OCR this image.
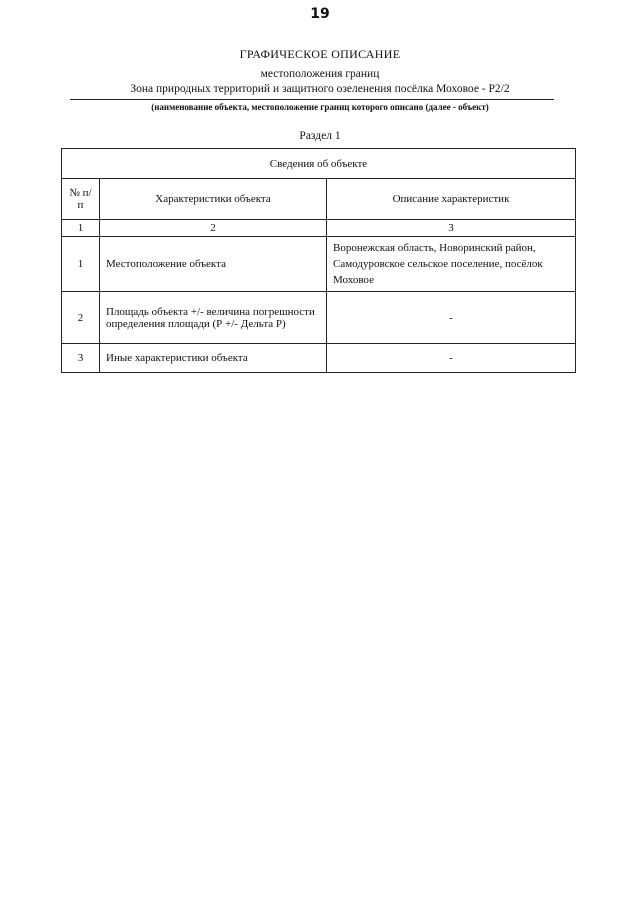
19
ГРАФИЧЕСКОЕ ОПИСАНИЕ
местоположения границ
Зона природных территорий и защитного озеленения посёлка Моховое - Р2/2
(наименование объекта, местоположение границ которого описано (далее - объект)
Раздел 1
Сведения об объекте		
№ п/п	Характеристики объекта	Описание характеристик
1	2	3
1	Местоположение объекта	Воронежская область, Новоринский район, Самодуровское сельское поселение, посёлок Моховое
2	Площадь объекта +/- величина погрешности определения площади (Р +/- Дельта Р)	-
3	Иные характеристики объекта	-
